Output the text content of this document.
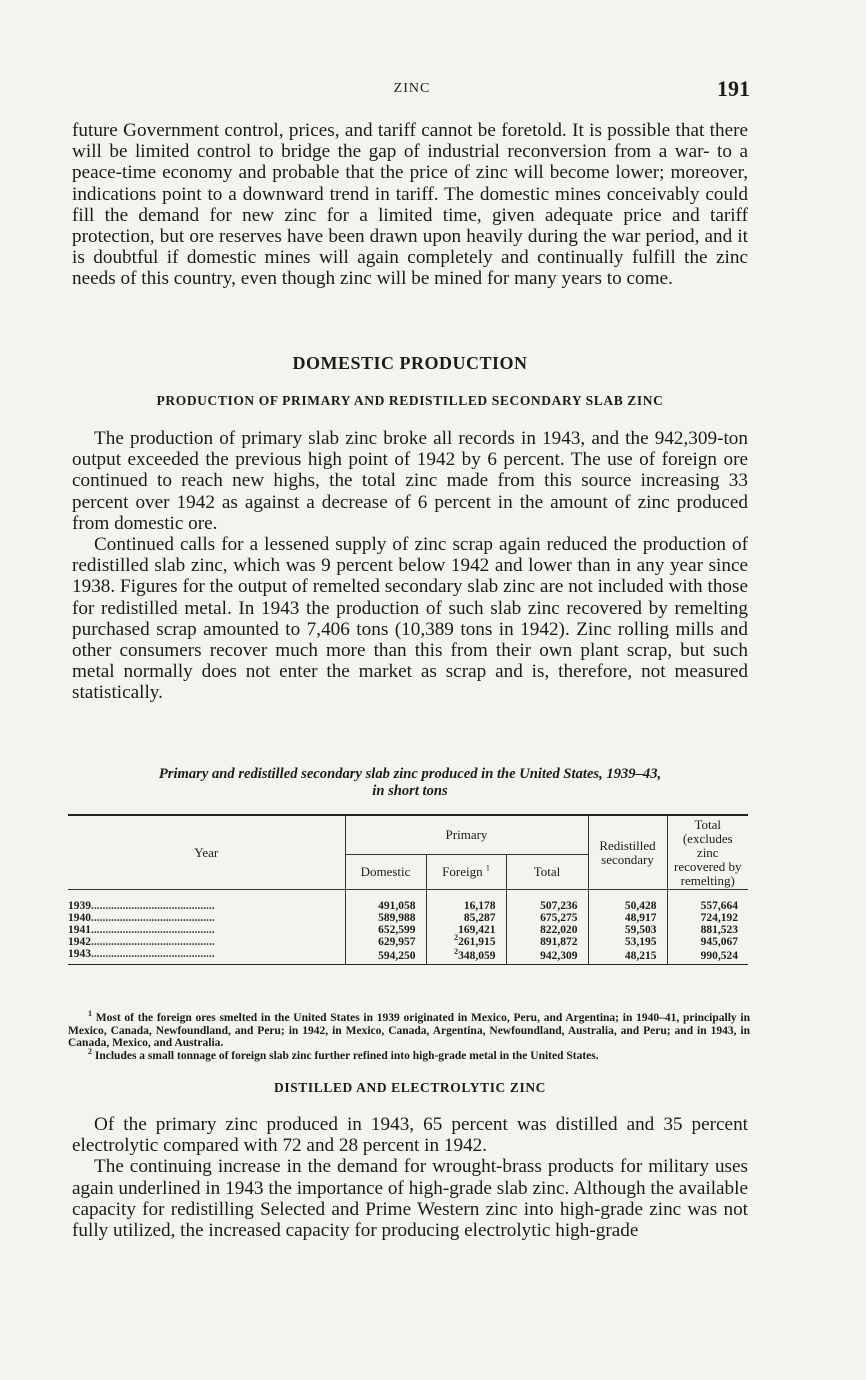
ZINC	191

future Government control, prices, and tariff cannot be foretold. It is possible that there will be limited control to bridge the gap of industrial reconversion from a war- to a peace-time economy and probable that the price of zinc will become lower; moreover, indications point to a downward trend in tariff. The domestic mines conceivably could fill the demand for new zinc for a limited time, given adequate price and tariff protection, but ore reserves have been drawn upon heavily during the war period, and it is doubtful if domestic mines will again completely and continually fulfill the zinc needs of this country, even though zinc will be mined for many years to come.

DOMESTIC PRODUCTION
PRODUCTION OF PRIMARY AND REDISTILLED SECONDARY SLAB ZINC

The production of primary slab zinc broke all records in 1943, and the 942,309-ton output exceeded the previous high point of 1942 by 6 percent. The use of foreign ore continued to reach new highs, the total zinc made from this source increasing 33 percent over 1942 as against a decrease of 6 percent in the amount of zinc produced from domestic ore.

Continued calls for a lessened supply of zinc scrap again reduced the production of redistilled slab zinc, which was 9 percent below 1942 and lower than in any year since 1938. Figures for the output of remelted secondary slab zinc are not included with those for redistilled metal. In 1943 the production of such slab zinc recovered by remelting purchased scrap amounted to 7,406 tons (10,389 tons in 1942). Zinc rolling mills and other consumers recover much more than this from their own plant scrap, but such metal normally does not enter the market as scrap and is, therefore, not measured statistically.

Primary and redistilled secondary slab zinc produced in the United States, 1939–43,
in short tons
Year	Primary			Redistilled secondary	Total (excludes zinc recovered by remelting)
	Domestic	Foreign $^1$	Total		

1939...........................................	491,058	16,178	507,236	50,428	557,664
1940...........................................	589,988	85,287	675,275	48,917	724,192
1941...........................................	652,599	169,421	822,020	59,503	881,523
1942...........................................	629,957	$^2$261,915	891,872	53,195	945,067
1943...........................................	594,250	$^2$348,059	942,309	48,215	990,524

$^1$ Most of the foreign ores smelted in the United States in 1939 originated in Mexico, Peru, and Argentina; in 1940–41, principally in Mexico, Canada, Newfoundland, and Peru; in 1942, in Mexico, Canada, Argentina, Newfoundland, Australia, and Peru; and in 1943, in Canada, Mexico, and Australia.

$^2$ Includes a small tonnage of foreign slab zinc further refined into high-grade metal in the United States.

DISTILLED AND ELECTROLYTIC ZINC

Of the primary zinc produced in 1943, 65 percent was distilled and 35 percent electrolytic compared with 72 and 28 percent in 1942.

The continuing increase in the demand for wrought-brass products for military uses again underlined in 1943 the importance of high-grade slab zinc. Although the available capacity for redistilling Selected and Prime Western zinc into high-grade zinc was not fully utilized, the increased capacity for producing electrolytic high-grade
